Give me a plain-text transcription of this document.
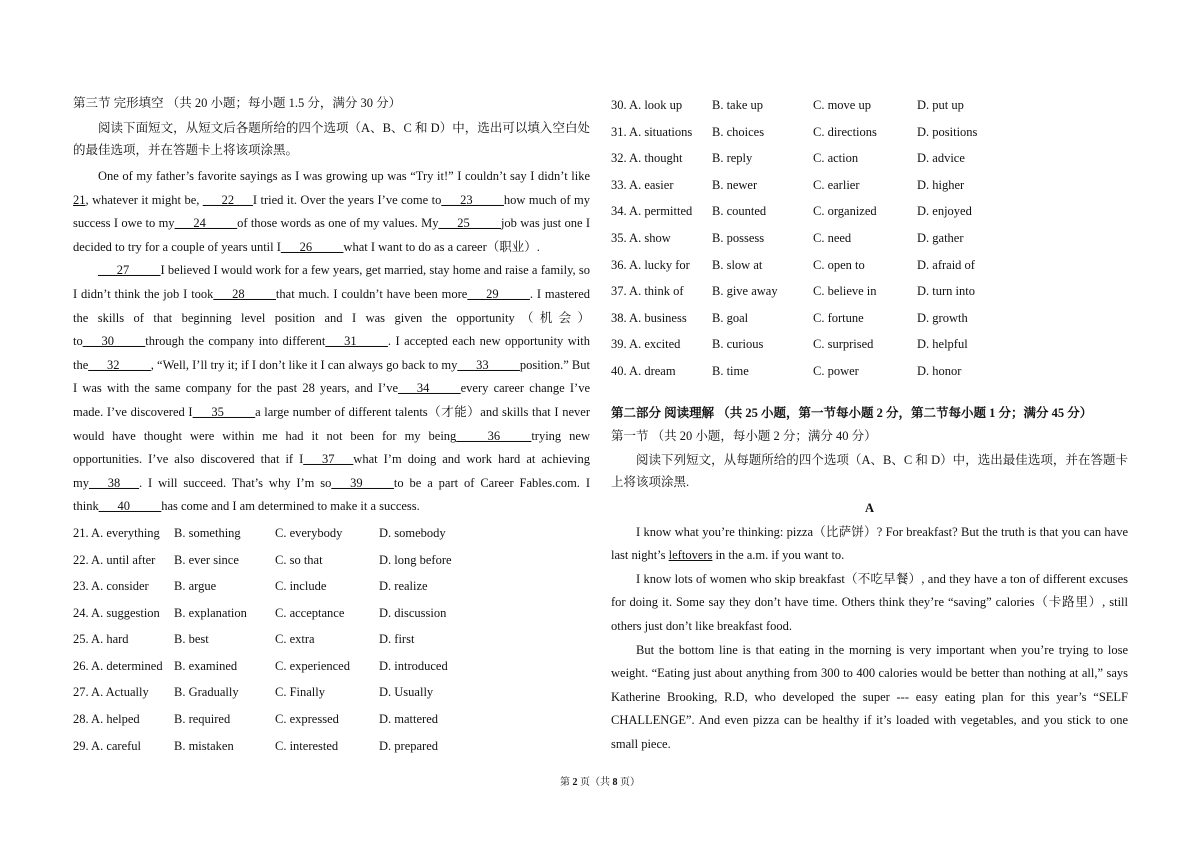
第三节 完形填空 （共 20 小题；每小题 1.5 分，满分 30 分）

阅读下面短文，从短文后各题所给的四个选项（A、B、C 和 D）中，选出可以填入空白处的最佳选项，并在答题卡上将该项涂黑。

One of my father’s favorite sayings as I was growing up was “Try it!” I couldn’t say I didn’t like 21, whatever it might be, ___22___I tried it. Over the years I’ve come to___23_____how much of my success I owe to my___24_____of those words as one of my values. My___25_____job was just one I decided to try for a couple of years until I___26_____what I want to do as a career（职业）.

___27_____I believed I would work for a few years, get married, stay home and raise a family, so I didn’t think the job I took___28_____that much. I couldn’t have been more___29_____. I mastered the skills of that beginning level position and I was given the opportunity（机会）to___30_____through the company into different___31_____. I accepted each new opportunity with the___32_____, “Well, I’ll try it; if I don’t like it I can always go back to my___33_____position.” But I was with the same company for the past 28 years, and I’ve___34_____every career change I’ve made. I’ve discovered I___35_____a large number of different talents（才能）and skills that I never would have thought were within me had it not been for my being_____36_____trying new opportunities. I’ve also discovered that if I___37___what I’m doing and work hard at achieving my___38___. I will succeed. That’s why I’m so___39_____to be a part of Career Fables.com. I think___40_____has come and I am determined to make it a success.

21. A. everything	B. something	C. everybody	D. somebody
22. A. until after	B. ever since	C. so that	D. long before
23. A. consider	B. argue	C. include	D. realize
24. A. suggestion	B. explanation	C. acceptance	D. discussion
25. A. hard	B. best	C. extra	D. first
26. A. determined B. examined	C. experienced	D. introduced
27. A. Actually	B. Gradually	C. Finally	D. Usually
28. A. helped	B. required	C. expressed	D. mattered
29. A. careful	B. mistaken	C. interested	D. prepared
30. A. look up	B. take up	C. move up	D. put up
31. A. situations	B. choices	C. directions	D. positions
32. A. thought	B. reply	C. action	D. advice
33. A. easier	B. newer	C. earlier	D. higher
34. A. permitted	B. counted	C. organized	D. enjoyed
35. A. show	B. possess	C. need	D. gather
36. A. lucky for	B. slow at	C. open to	D. afraid of
37. A. think of	B. give away	C. believe in	D. turn into
38. A. business	B. goal	C. fortune	D. growth
39. A. excited	B. curious	C. surprised	D. helpful
40. A. dream	B. time	C. power	D. honor

第二部分 阅读理解 （共 25 小题，第一节每小题 2 分，第二节每小题 1 分；满分 45 分）

第一节 （共 20 小题，每小题 2 分；满分 40 分）

阅读下列短文，从每题所给的四个选项（A、B、C 和 D）中，选出最佳选项，并在答题卡上将该项涂黑.

A

I know what you’re thinking: pizza（比萨饼）? For breakfast? But the truth is that you can have last night’s leftovers in the a.m. if you want to.

I know lots of women who skip breakfast（不吃早餐）, and they have a ton of different excuses for doing it. Some say they don’t have time. Others think they’re “saving” calories（卡路里）, still others just don’t like breakfast food.

But the bottom line is that eating in the morning is very important when you’re trying to lose weight. “Eating just about anything from 300 to 400 calories would be better than nothing at all,” says Katherine Brooking, R.D, who developed the super --- easy eating plan for this year’s “SELF CHALLENGE”. And even pizza can be healthy if it’s loaded with vegetables, and you stick to one small piece.

第 2 页（共 8 页）
